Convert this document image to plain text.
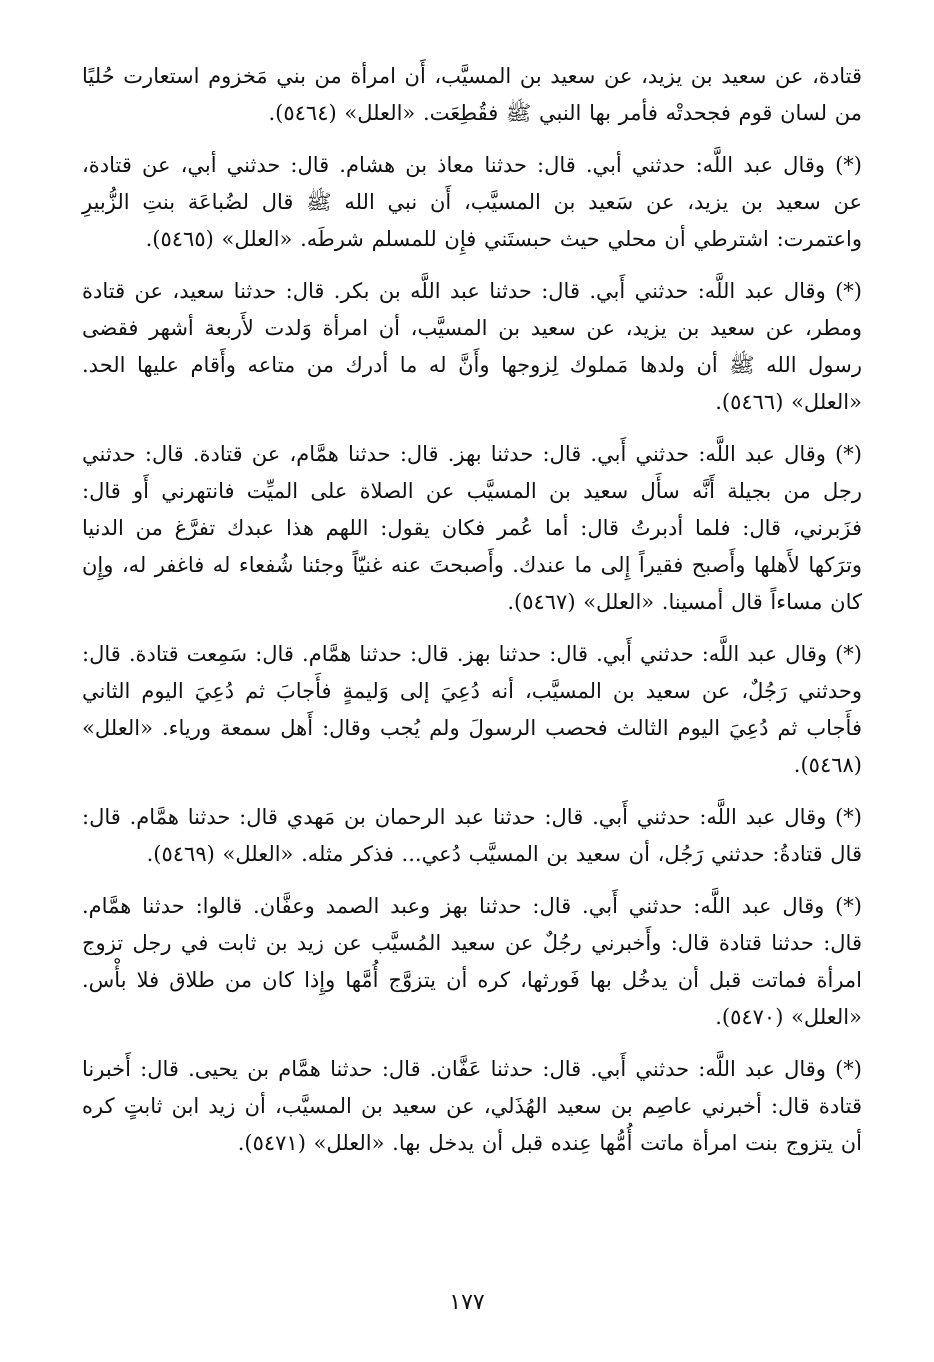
قتادة، عن سعيد بن يزيد، عن سعيد بن المسيَّب، أَن امرأة من بني مَخزوم استعارت حُليًا من لسان قوم فجحدتْه فأمر بها النبي ﷺ فقُطِعَت. «العلل» (٥٤٦٤).

(*) وقال عبد اللَّه: حدثني أبي. قال: حدثنا معاذ بن هشام. قال: حدثني أبي، عن قتادة، عن سعيد بن يزيد، عن سَعيد بن المسيَّب، أَن نبي الله ﷺ قال لضُباعَة بنتِ الزُّبيرِ واعتمرت: اشترطي أن محلي حيث حبستَني فإِن للمسلم شرطَه. «العلل» (٥٤٦٥).

(*) وقال عبد اللَّه: حدثني أَبي. قال: حدثنا عبد اللَّه بن بكر. قال: حدثنا سعيد، عن قتادة ومطر، عن سعيد بن يزيد، عن سعيد بن المسيَّب، أن امرأة وَلدت لأَربعة أشهر فقضى رسول الله ﷺ أن ولدها مَملوك لِزوجها وأَنَّ له ما أدرك من متاعه وأَقام عليها الحد. «العلل» (٥٤٦٦).

(*) وقال عبد اللَّه: حدثني أَبي. قال: حدثنا بهز. قال: حدثنا همَّام، عن قتادة. قال: حدثني رجل من بجيلة أَنَّه سأَل سعيد بن المسيَّب عن الصلاة على الميِّت فانتهرني أَو قال: فزَبرني، قال: فلما أدبرتُ قال: أما عُمر فكان يقول: اللهم هذا عبدك تفرَّغ من الدنيا وترَكها لأَهلها وأَصبح فقيراً إِلى ما عندك. وأَصبحتَ عنه غنيّاً وجئنا شُفعاء له فاغفر له، وإِن كان مساءاً قال أمسينا. «العلل» (٥٤٦٧).

(*) وقال عبد اللَّه: حدثني أَبي. قال: حدثنا بهز. قال: حدثنا همَّام. قال: سَمِعت قتادة. قال: وحدثني رَجُلٌ، عن سعيد بن المسيَّب، أنه دُعِيَ إلى وَليمةٍ فأَجابَ ثم دُعِيَ اليوم الثاني فأَجاب ثم دُعِيَ اليوم الثالث فحصب الرسولَ ولم يُجب وقال: أَهل سمعة ورياء. «العلل» (٥٤٦٨).

(*) وقال عبد اللَّه: حدثني أَبي. قال: حدثنا عبد الرحمان بن مَهدي قال: حدثنا همَّام. قال: قال قتادةُ: حدثني رَجُل، أن سعيد بن المسيَّب دُعي... فذكر مثله. «العلل» (٥٤٦٩).

(*) وقال عبد اللَّه: حدثني أَبي. قال: حدثنا بهز وعبد الصمد وعفَّان. قالوا: حدثنا همَّام. قال: حدثنا قتادة قال: وأَخبرني رجُلٌ عن سعيد المُسيَّب عن زيد بن ثابت في رجل تزوج امرأة فماتت قبل أن يدخُل بها فَورثها، كره أن يتزوَّج أُمَّها وإِذا كان من طلاق فلا بأْس. «العلل» (٥٤٧٠).

(*) وقال عبد اللَّه: حدثني أَبي. قال: حدثنا عَفَّان. قال: حدثنا همَّام بن يحيى. قال: أَخبرنا قتادة قال: أخبرني عاصِم بن سعيد الهُذَلي، عن سعيد بن المسيَّب، أن زيد ابن ثابتٍ كره أن يتزوج بنت امرأة ماتت أُمُّها عِنده قبل أن يدخل بها. «العلل» (٥٤٧١).

١٧٧
